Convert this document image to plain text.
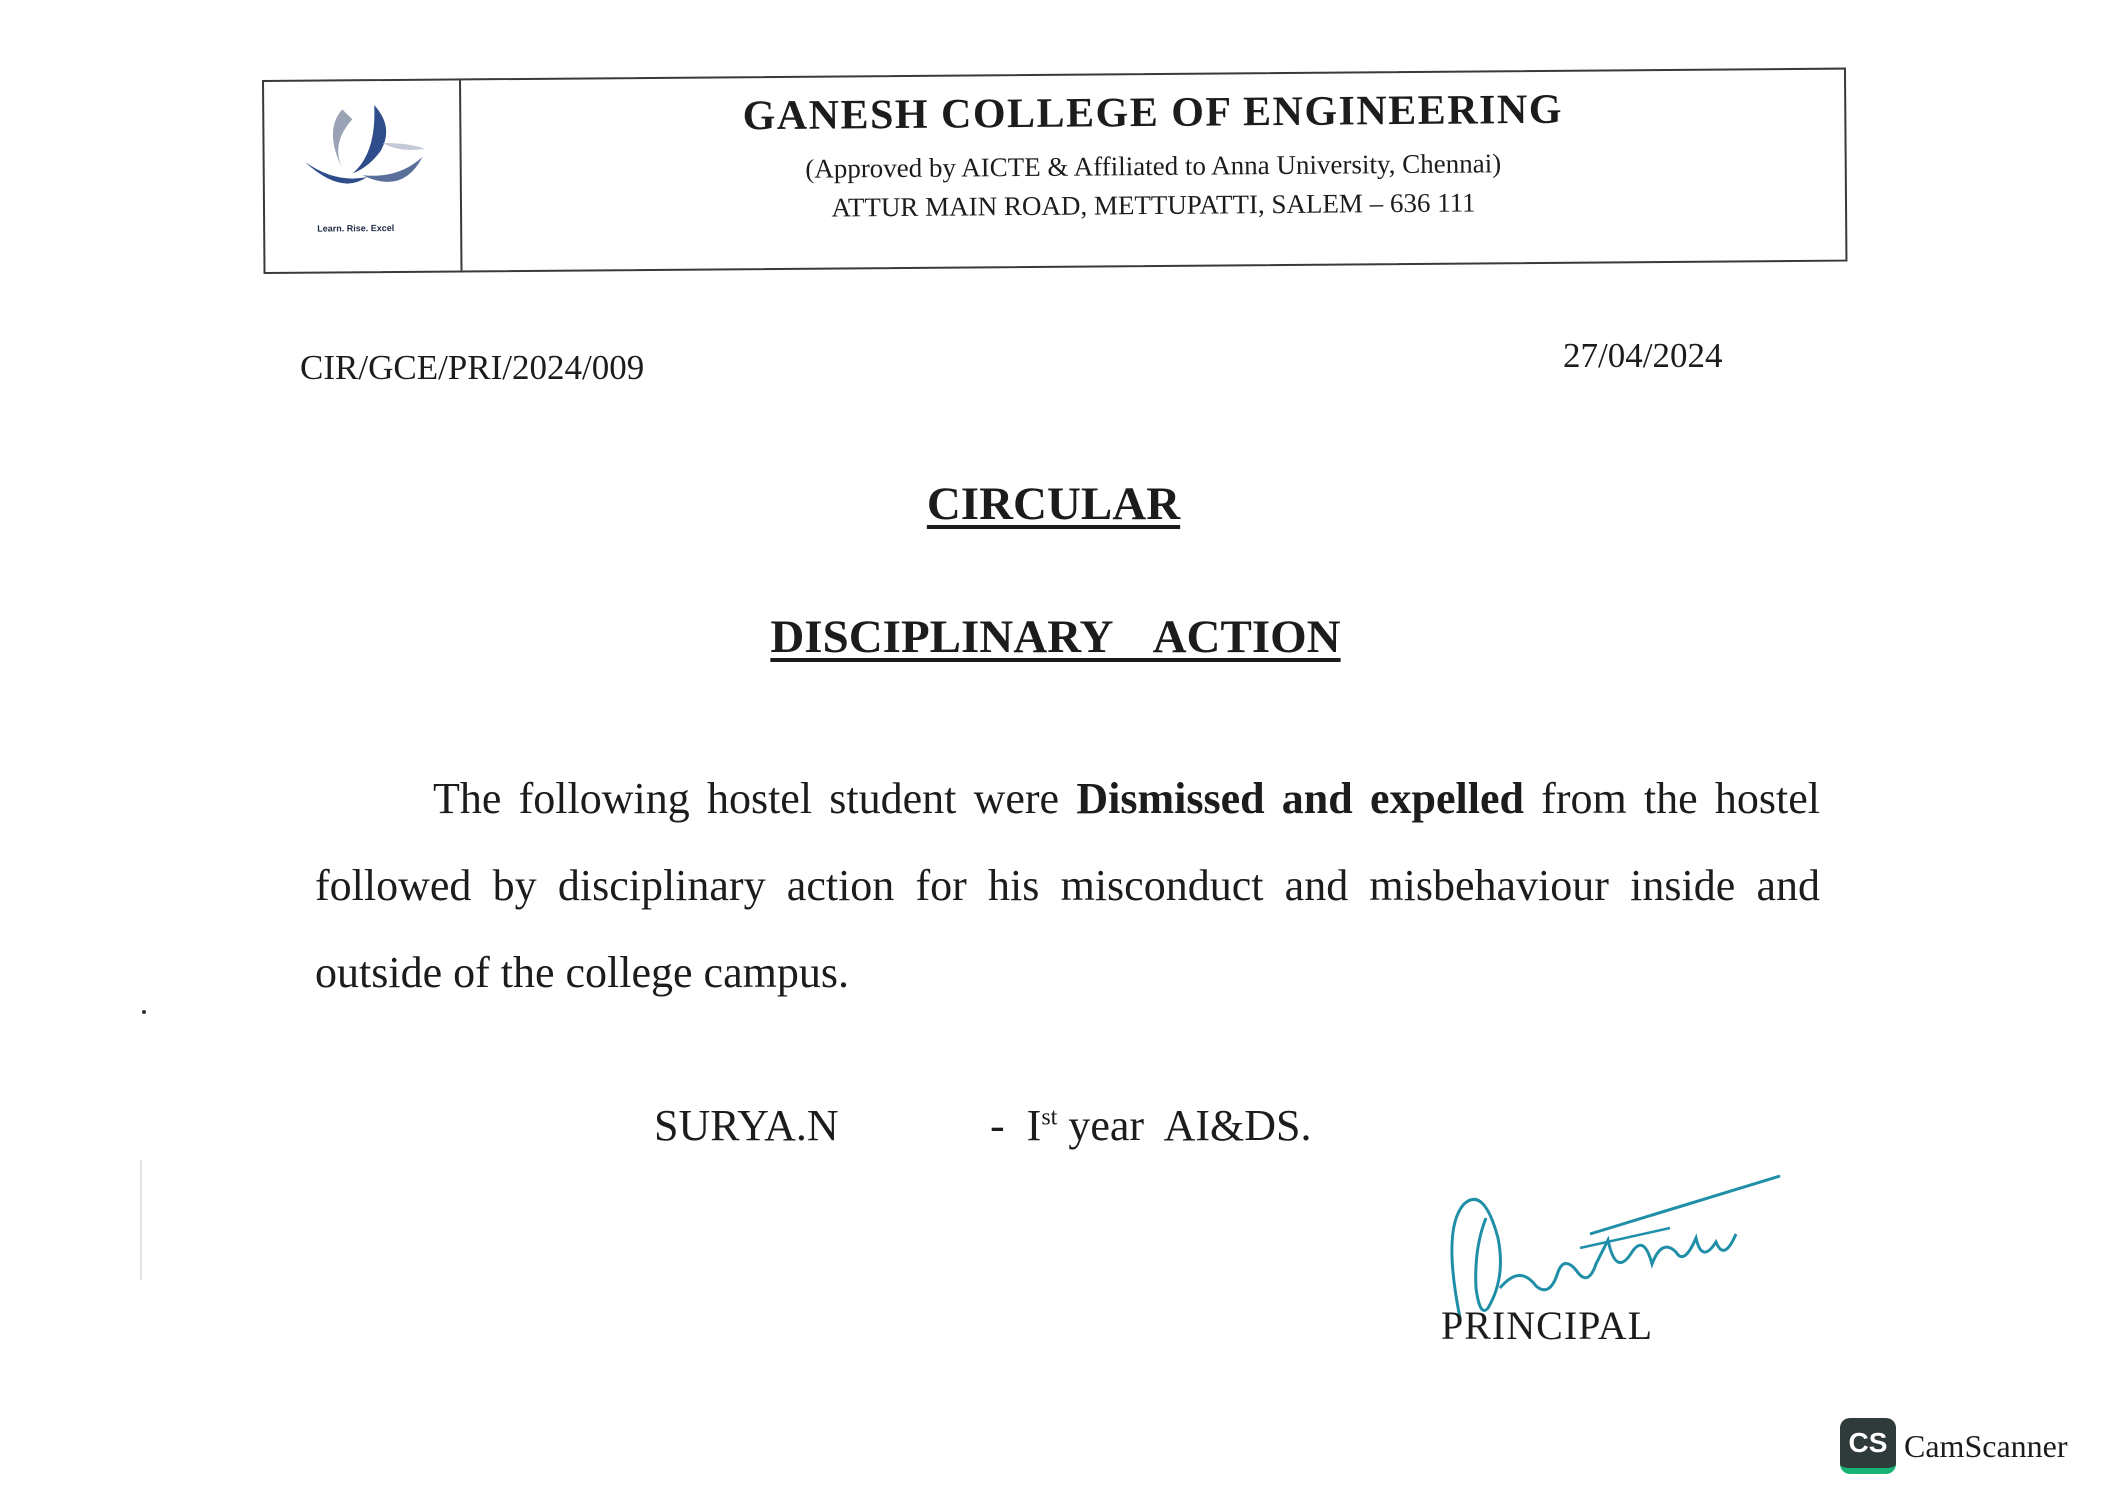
Learn. Rise. Excel
GANESH COLLEGE OF ENGINEERING
(Approved by AICTE & Affiliated to Anna University, Chennai)
ATTUR MAIN ROAD, METTUPATTI, SALEM – 636 111
CIR/GCE/PRI/2024/009	27/04/2024
CIRCULAR
DISCIPLINARY  ACTION
The following hostel student were Dismissed and expelled from the hostel followed by disciplinary action for his misconduct and misbehaviour inside and outside of the college campus.
SURYA.N	- Ist year  AI&DS.
PRINCIPAL
CS CamScanner
